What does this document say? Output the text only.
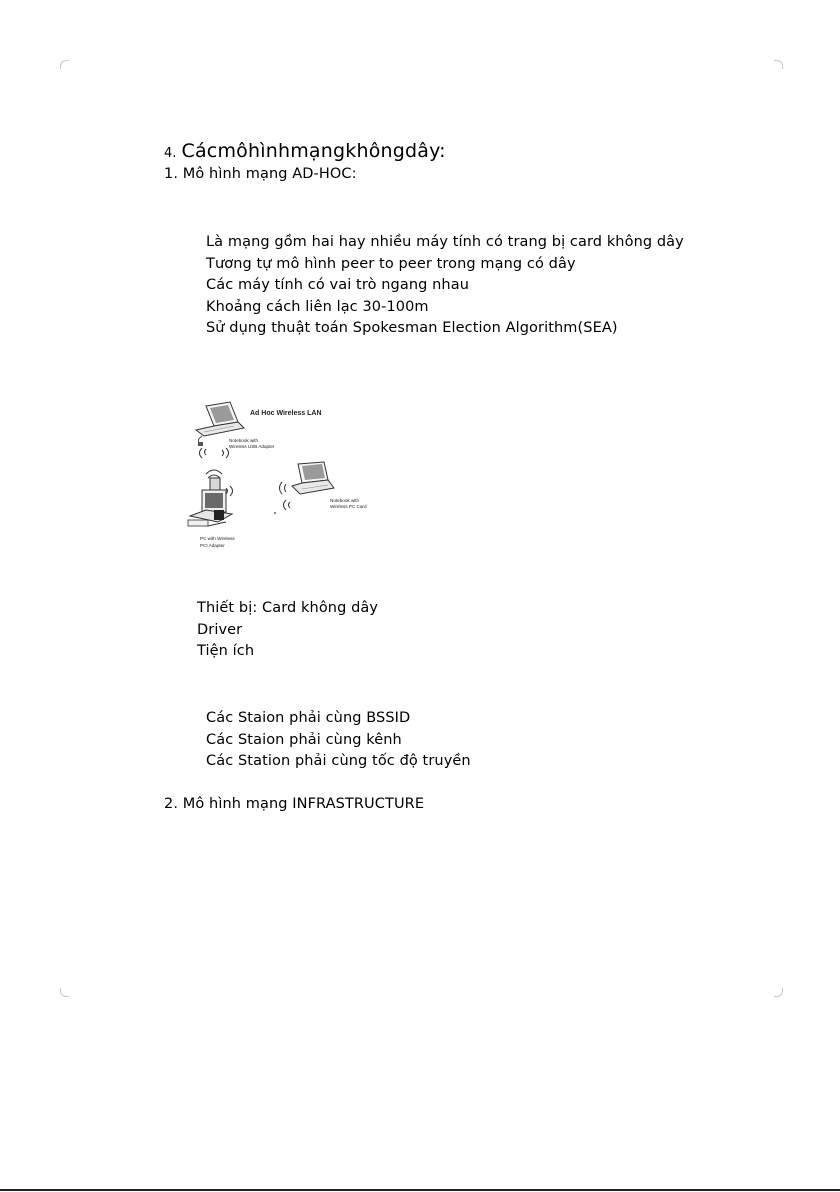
4. Cácmôhìnhmạngkhôngdây:
1. Mô hình mạng AD-HOC:
Là mạng gồm hai hay nhiều máy tính có trang bị card không dây
Tương tự mô hình peer to peer trong mạng có dây
Các máy tính có vai trò ngang nhau
Khoảng cách liên lạc 30-100m
Sử dụng thuật toán Spokesman Election Algorithm(SEA)
Ad Hoc Wireless LAN
Notebook with
Wireless USB Adapter
Notebook with
Wireless PC Card
PC with Wireless
PCI Adapter
Thiết bị: Card không dây
Driver
Tiện ích
Các Staion phải cùng BSSID
Các Staion phải cùng kênh
Các Station phải cùng tốc độ truyền
2. Mô hình mạng INFRASTRUCTURE
